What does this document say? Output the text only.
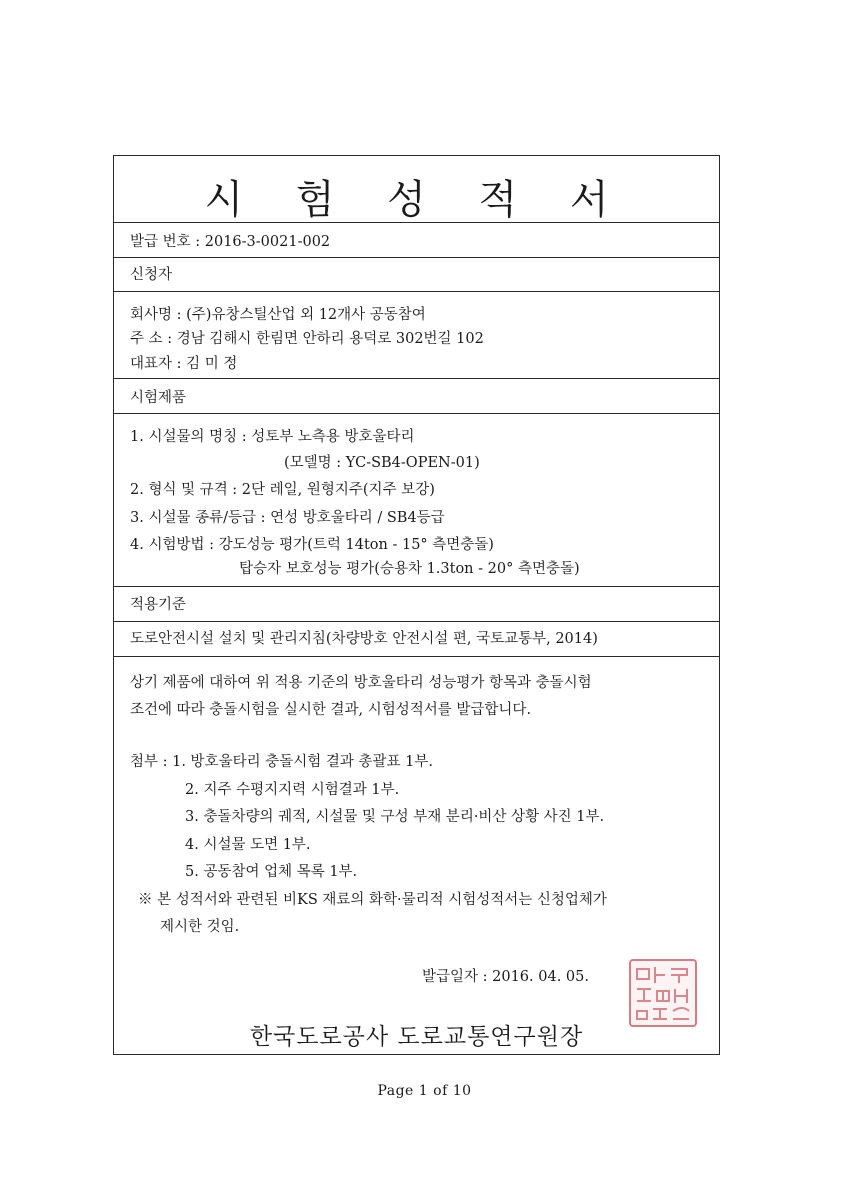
시 험 성 적 서
발급 번호 : 2016-3-0021-002
신청자
회사명 : (주)유창스틸산업 외 12개사 공동참여
주 소 : 경남 김해시 한림면 안하리 용덕로 302번길 102
대표자 : 김 미 정
시험제품
1. 시설물의 명칭 : 성토부 노측용 방호울타리
(모델명 : YC-SB4-OPEN-01)
2. 형식 및 규격 : 2단 레일, 원형지주(지주 보강)
3. 시설물 종류/등급 : 연성 방호울타리 / SB4등급
4. 시험방법 : 강도성능 평가(트럭 14ton - 15° 측면충돌)
탑승자 보호성능 평가(승용차 1.3ton - 20° 측면충돌)
적용기준
도로안전시설 설치 및 관리지침(차량방호 안전시설 편, 국토교통부, 2014)
상기 제품에 대하여 위 적용 기준의 방호울타리 성능평가 항목과 충돌시험
조건에 따라 충돌시험을 실시한 결과, 시험성적서를 발급합니다.
첨부 : 1. 방호울타리 충돌시험 결과 총괄표 1부.
2. 지주 수평지지력 시험결과 1부.
3. 충돌차량의 궤적, 시설물 및 구성 부재 분리·비산 상황 사진 1부.
4. 시설물 도면 1부.
5. 공동참여 업체 목록 1부.
※ 본 성적서와 관련된 비KS 재료의 화학·물리적 시험성적서는 신청업체가
제시한 것임.
발급일자 : 2016. 04. 05.
한국도로공사 도로교통연구원장
Page 1 of 10
